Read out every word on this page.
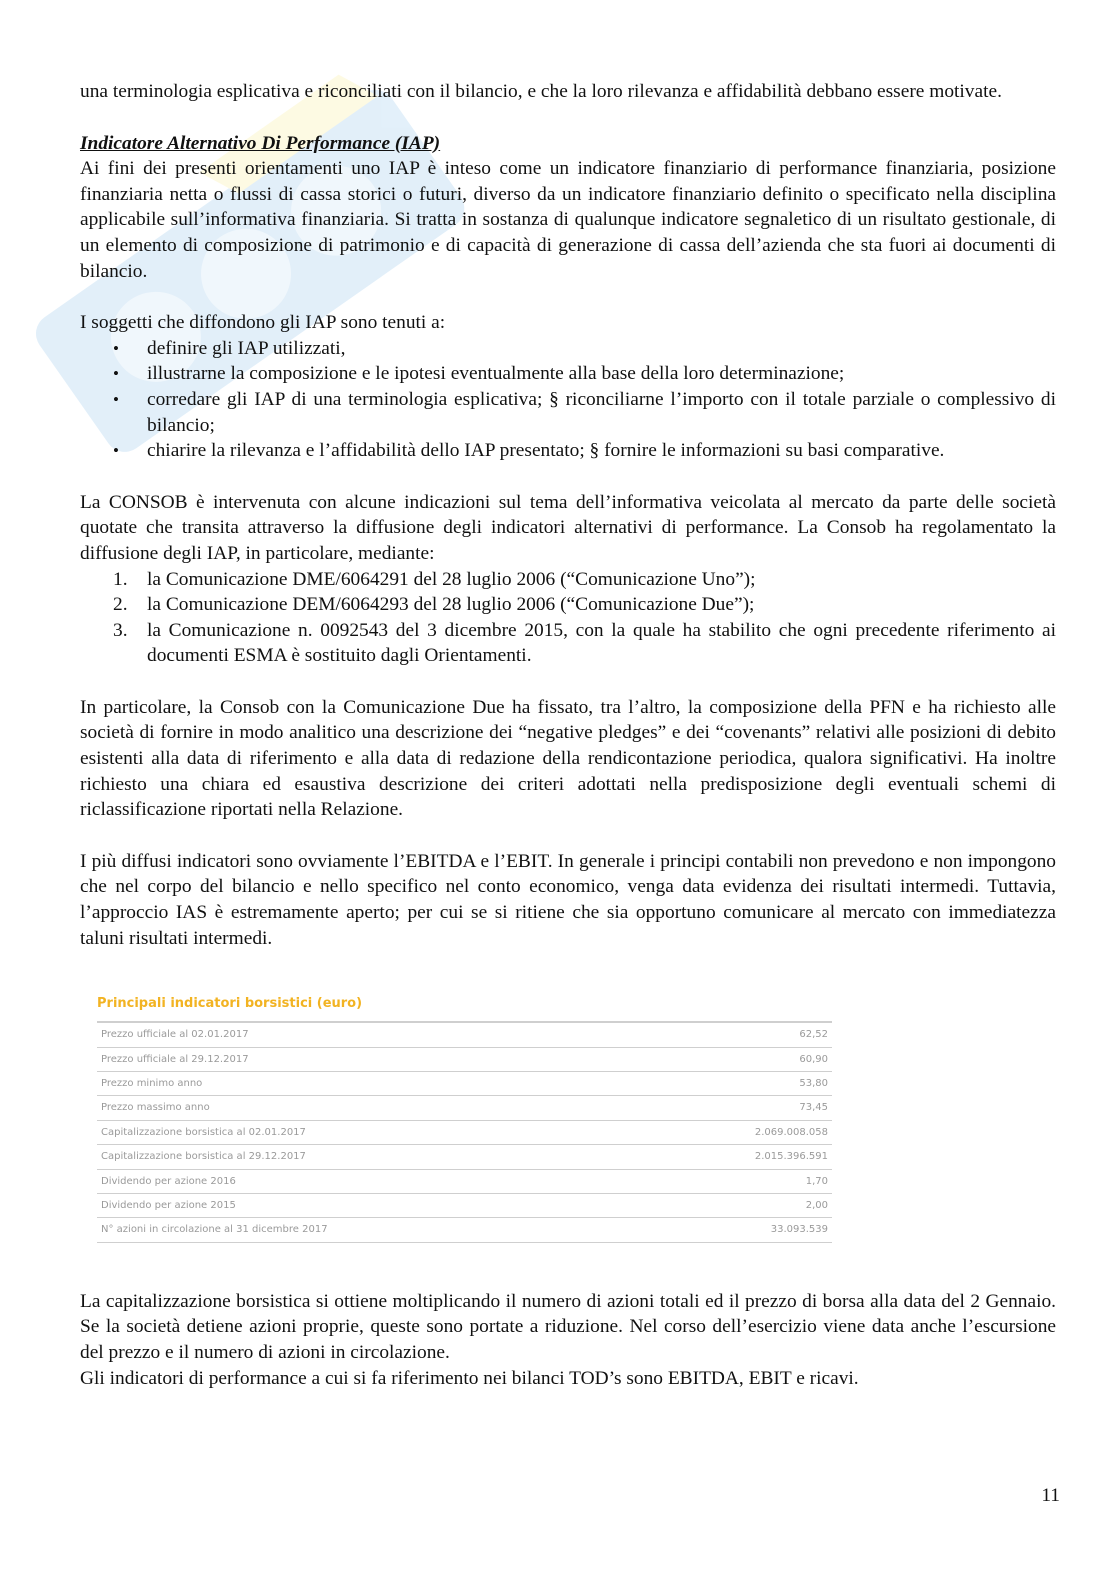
una terminologia esplicativa e riconciliati con il bilancio, e che la loro rilevanza e affidabilità debbano essere motivate.

Indicatore Alternativo Di Performance (IAP)

Ai fini dei presenti orientamenti uno IAP è inteso come un indicatore finanziario di performance finanziaria, posizione finanziaria netta o flussi di cassa storici o futuri, diverso da un indicatore finanziario definito o specificato nella disciplina applicabile sull’informativa finanziaria. Si tratta in sostanza di qualunque indicatore segnaletico di un risultato gestionale, di un elemento di composizione di patrimonio e di capacità di generazione di cassa dell’azienda che sta fuori ai documenti di bilancio.

I soggetti che diffondono gli IAP sono tenuti a:

• definire gli IAP utilizzati,
• illustrarne la composizione e le ipotesi eventualmente alla base della loro determinazione;
• corredare gli IAP di una terminologia esplicativa; § riconciliarne l’importo con il totale parziale o complessivo di bilancio;
• chiarire la rilevanza e l’affidabilità dello IAP presentato; § fornire le informazioni su basi comparative.

La CONSOB è intervenuta con alcune indicazioni sul tema dell’informativa veicolata al mercato da parte delle società quotate che transita attraverso la diffusione degli indicatori alternativi di performance. La Consob ha regolamentato la diffusione degli IAP, in particolare, mediante:

1. la Comunicazione DME/6064291 del 28 luglio 2006 (“Comunicazione Uno”);
2. la Comunicazione DEM/6064293 del 28 luglio 2006 (“Comunicazione Due”);
3. la Comunicazione n. 0092543 del 3 dicembre 2015, con la quale ha stabilito che ogni precedente riferimento ai documenti ESMA è sostituito dagli Orientamenti.

In particolare, la Consob con la Comunicazione Due ha fissato, tra l’altro, la composizione della PFN e ha richiesto alle società di fornire in modo analitico una descrizione dei “negative pledges” e dei “covenants” relativi alle posizioni di debito esistenti alla data di riferimento e alla data di redazione della rendicontazione periodica, qualora significativi. Ha inoltre richiesto una chiara ed esaustiva descrizione dei criteri adottati nella predisposizione degli eventuali schemi di riclassificazione riportati nella Relazione.

I più diffusi indicatori sono ovviamente l’EBITDA e l’EBIT. In generale i principi contabili non prevedono e non impongono che nel corpo del bilancio e nello specifico nel conto economico, venga data evidenza dei risultati intermedi. Tuttavia, l’approccio IAS è estremamente aperto; per cui se si ritiene che sia opportuno comunicare al mercato con immediatezza taluni risultati intermedi.

Principali indicatori borsistici (euro)
Prezzo ufficiale al 02.01.2017	62,52
Prezzo ufficiale al 29.12.2017	60,90
Prezzo minimo anno	53,80
Prezzo massimo anno	73,45
Capitalizzazione borsistica al 02.01.2017	2.069.008.058
Capitalizzazione borsistica al 29.12.2017	2.015.396.591
Dividendo per azione 2016	1,70
Dividendo per azione 2015	2,00
N° azioni in circolazione al 31 dicembre 2017	33.093.539

La capitalizzazione borsistica si ottiene moltiplicando il numero di azioni totali ed il prezzo di borsa alla data del 2 Gennaio. Se la società detiene azioni proprie, queste sono portate a riduzione. Nel corso dell’esercizio viene data anche l’escursione del prezzo e il numero di azioni in circolazione.

Gli indicatori di performance a cui si fa riferimento nei bilanci TOD’s sono EBITDA, EBIT e ricavi.

11
